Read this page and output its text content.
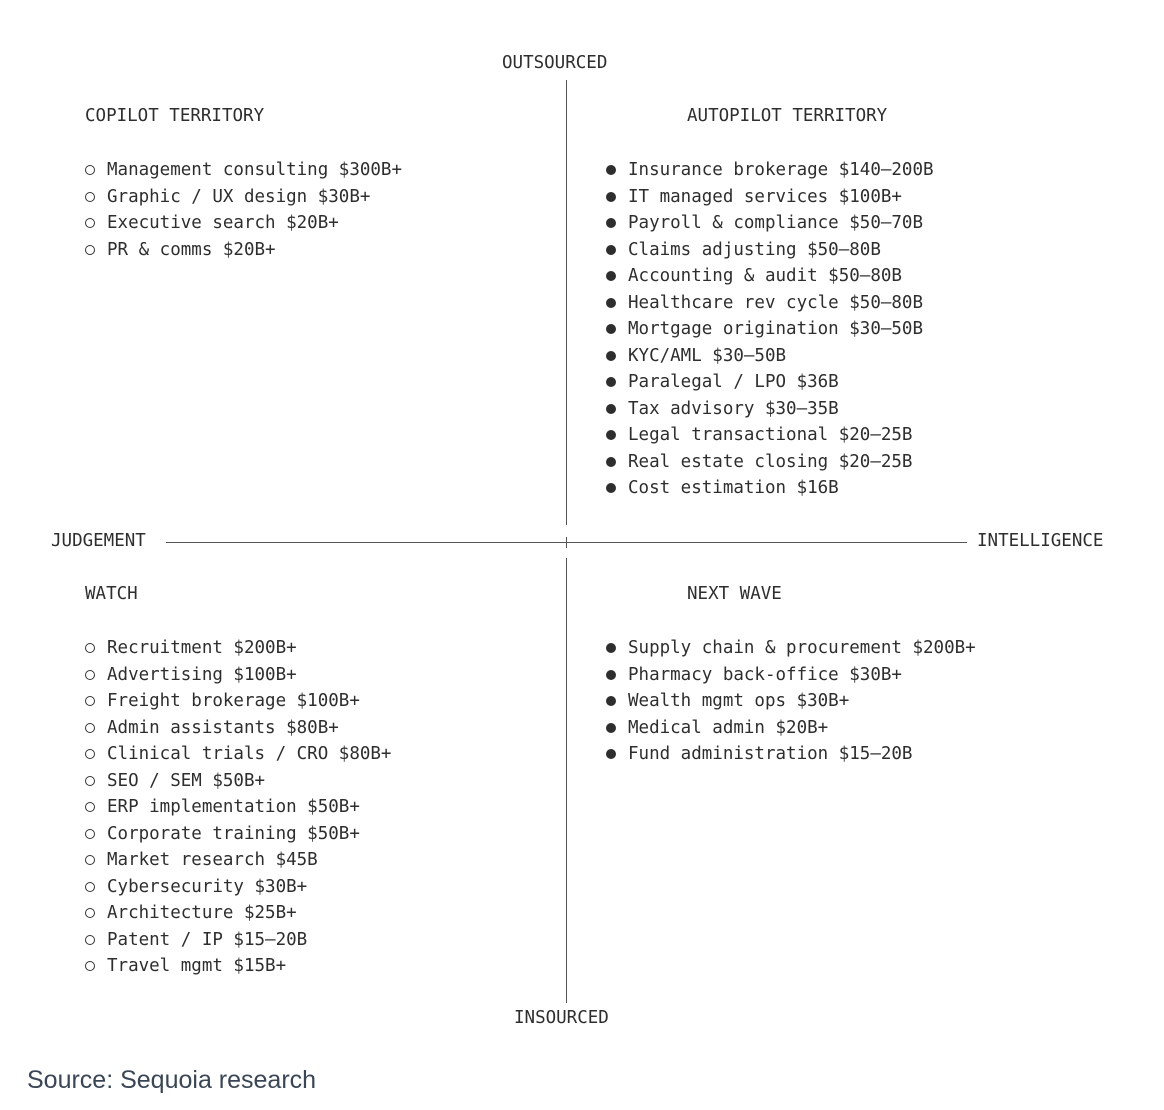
OUTSOURCED
INSOURCED
JUDGEMENT	INTELLIGENCE
COPILOT TERRITORY
Management consulting $300B+
Graphic / UX design $30B+
Executive search $20B+
PR & comms $20B+
AUTOPILOT TERRITORY
Insurance brokerage $140–200B
IT managed services $100B+
Payroll & compliance $50–70B
Claims adjusting $50–80B
Accounting & audit $50–80B
Healthcare rev cycle $50–80B
Mortgage origination $30–50B
KYC/AML $30–50B
Paralegal / LPO $36B
Tax advisory $30–35B
Legal transactional $20–25B
Real estate closing $20–25B
Cost estimation $16B
WATCH
Recruitment $200B+
Advertising $100B+
Freight brokerage $100B+
Admin assistants $80B+
Clinical trials / CRO $80B+
SEO / SEM $50B+
ERP implementation $50B+
Corporate training $50B+
Market research $45B
Cybersecurity $30B+
Architecture $25B+
Patent / IP $15–20B
Travel mgmt $15B+
NEXT WAVE
Supply chain & procurement $200B+
Pharmacy back-office $30B+
Wealth mgmt ops $30B+
Medical admin $20B+
Fund administration $15–20B
Source: Sequoia research
